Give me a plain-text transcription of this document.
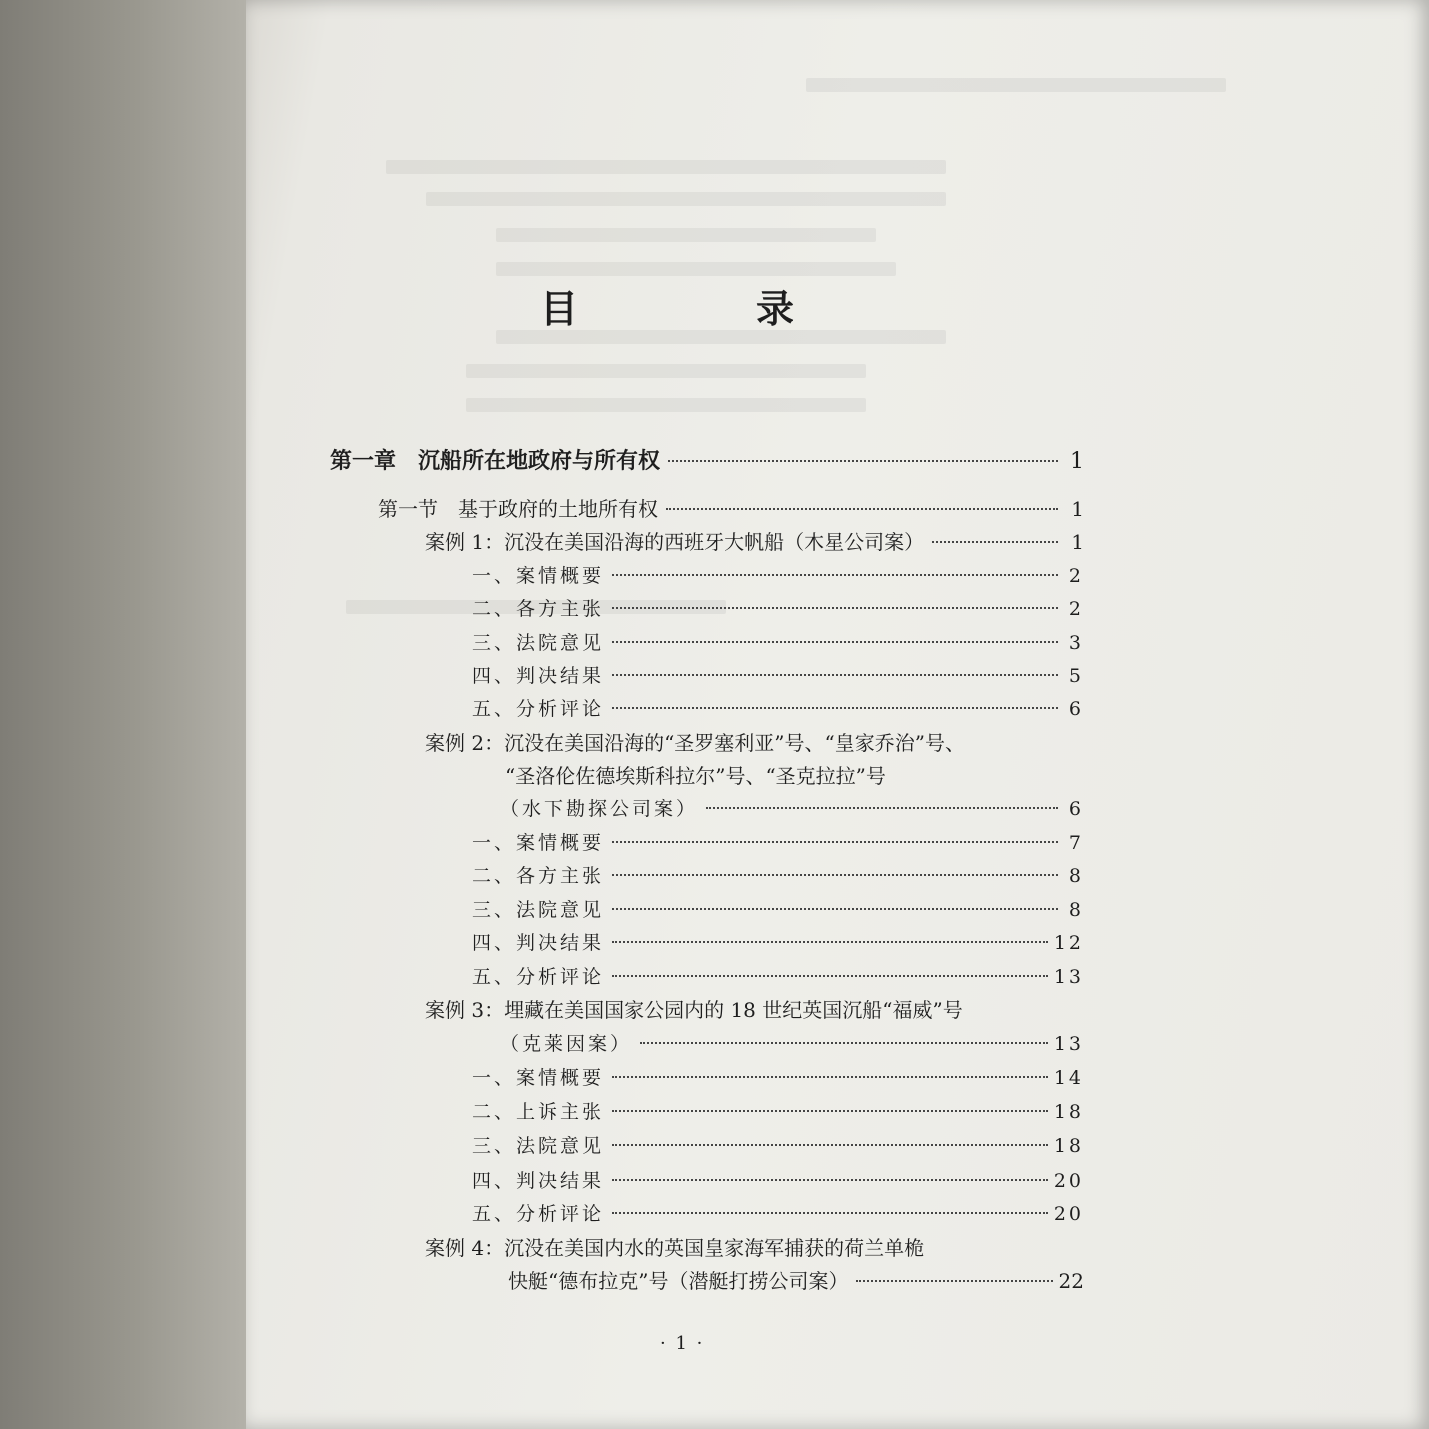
目　录
第一章　沉船所在地政府与所有权	1
第一节　基于政府的土地所有权	1
案例 1：沉没在美国沿海的西班牙大帆船（木星公司案）	1
一、案情概要	2
二、各方主张	2
三、法院意见	3
四、判决结果	5
五、分析评论	6
案例 2：沉没在美国沿海的“圣罗塞利亚”号、“皇家乔治”号、
“圣洛伦佐德埃斯科拉尔”号、“圣克拉拉”号
（水下勘探公司案）	6
一、案情概要	7
二、各方主张	8
三、法院意见	8
四、判决结果	12
五、分析评论	13
案例 3：埋藏在美国国家公园内的 18 世纪英国沉船“福威”号
（克莱因案）	13
一、案情概要	14
二、上诉主张	18
三、法院意见	18
四、判决结果	20
五、分析评论	20
案例 4：沉没在美国内水的英国皇家海军捕获的荷兰单桅
快艇“德布拉克”号（潜艇打捞公司案）	22
· 1 ·
